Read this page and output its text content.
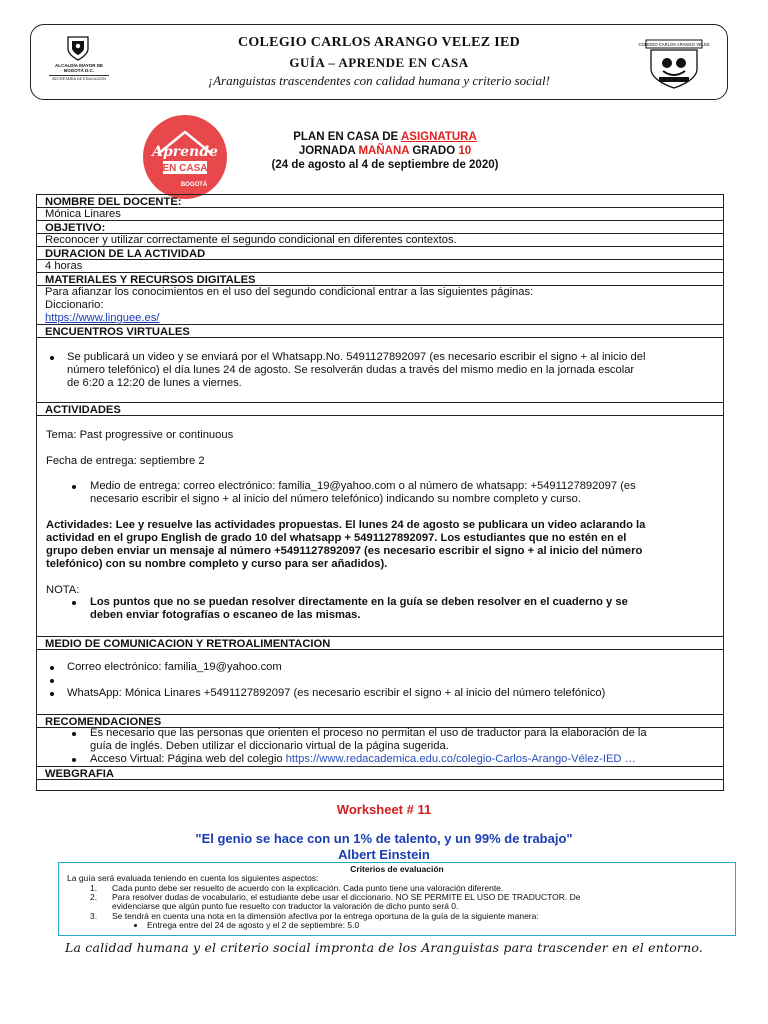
ALCALDÍA MAYOR DE BOGOTÁ D.C.
SECRETARÍA DE EDUCACIÓN
COLEGIO CARLOS ARANGO VELEZ IED
GUÍA – APRENDE EN CASA
¡Aranguistas trascendentes con calidad humana y criterio social!
COLEGIO CARLOS ARANGO VELEZ
Aprende
EN CASA
BOGOTÁ
PLAN EN CASA DE ASIGNATURA
JORNADA MAÑANA GRADO 10
(24 de agosto al 4 de septiembre de 2020)
NOMBRE DEL DOCENTE:
Mónica Linares
OBJETIVO:
Reconocer y utilizar correctamente el segundo condicional en diferentes contextos.
DURACION DE LA ACTIVIDAD
4 horas
MATERIALES Y RECURSOS DIGITALES
Para afianzar los conocimientos en el uso del segundo condicional entrar a las siguientes páginas:
Diccionario:
https://www.linguee.es/
ENCUENTROS VIRTUALES
Se publicará un video y se enviará por el Whatsapp.No. 5491127892097 (es necesario escribir el signo + al inicio del
número telefónico) el día lunes 24 de agosto. Se resolverán dudas a través del mismo medio en la jornada escolar
de 6:20 a 12:20 de lunes a viernes.
ACTIVIDADES
Tema: Past progressive or continuous
Fecha de entrega: septiembre 2
Medio de entrega: correo electrónico: familia_19@yahoo.com o al número de whatsapp: +5491127892097 (es
necesario escribir el signo + al inicio del número telefónico) indicando su nombre completo y curso.
Actividades: Lee y resuelve las actividades propuestas. El lunes 24 de agosto se publicara un video aclarando la
actividad en el grupo English de grado 10 del whatsapp + 5491127892097. Los estudiantes que no estén en el
grupo deben enviar un mensaje al número +5491127892097 (es necesario escribir el signo + al inicio del número
telefónico) con su nombre completo y curso para ser añadidos).
NOTA:
Los puntos que no se puedan resolver directamente en la guía se deben resolver en el cuaderno y se
deben enviar fotografías o escaneo de las mismas.
MEDIO DE COMUNICACION Y RETROALIMENTACION
Correo electrónico: familia_19@yahoo.com
WhatsApp: Mónica Linares +5491127892097 (es necesario escribir el signo + al inicio del número telefónico)
RECOMENDACIONES
Es necesario que las personas que orienten el proceso no permitan el uso de traductor para la elaboración de la
guía de inglés. Deben utilizar el diccionario virtual de la página sugerida.
Acceso Virtual: Página web del colegio https://www.redacademica.edu.co/colegio-Carlos-Arango-Vélez-IED …
WEBGRAFIA
Worksheet # 11
"El genio se hace con un 1% de talento, y un 99% de trabajo"
Albert Einstein
Criterios de evaluación
La guía será evaluada teniendo en cuenta los siguientes aspectos:
1. Cada punto debe ser resuelto de acuerdo con la explicación. Cada punto tiene una valoración diferente.
2. Para resolver dudas de vocabulario, el estudiante debe usar el diccionario. NO SE PERMITE EL USO DE TRADUCTOR. De
evidenciarse que algún punto fue resuelto con traductor la valoración de dicho punto será 0.
3. Se tendrá en cuenta una nota en la dimensión afectiva por la entrega oportuna de la guía de la siguiente manera:
Entrega entre del 24 de agosto y el 2 de septiembre: 5.0
La calidad humana y el criterio social impronta de los Aranguistas para trascender en el entorno.
